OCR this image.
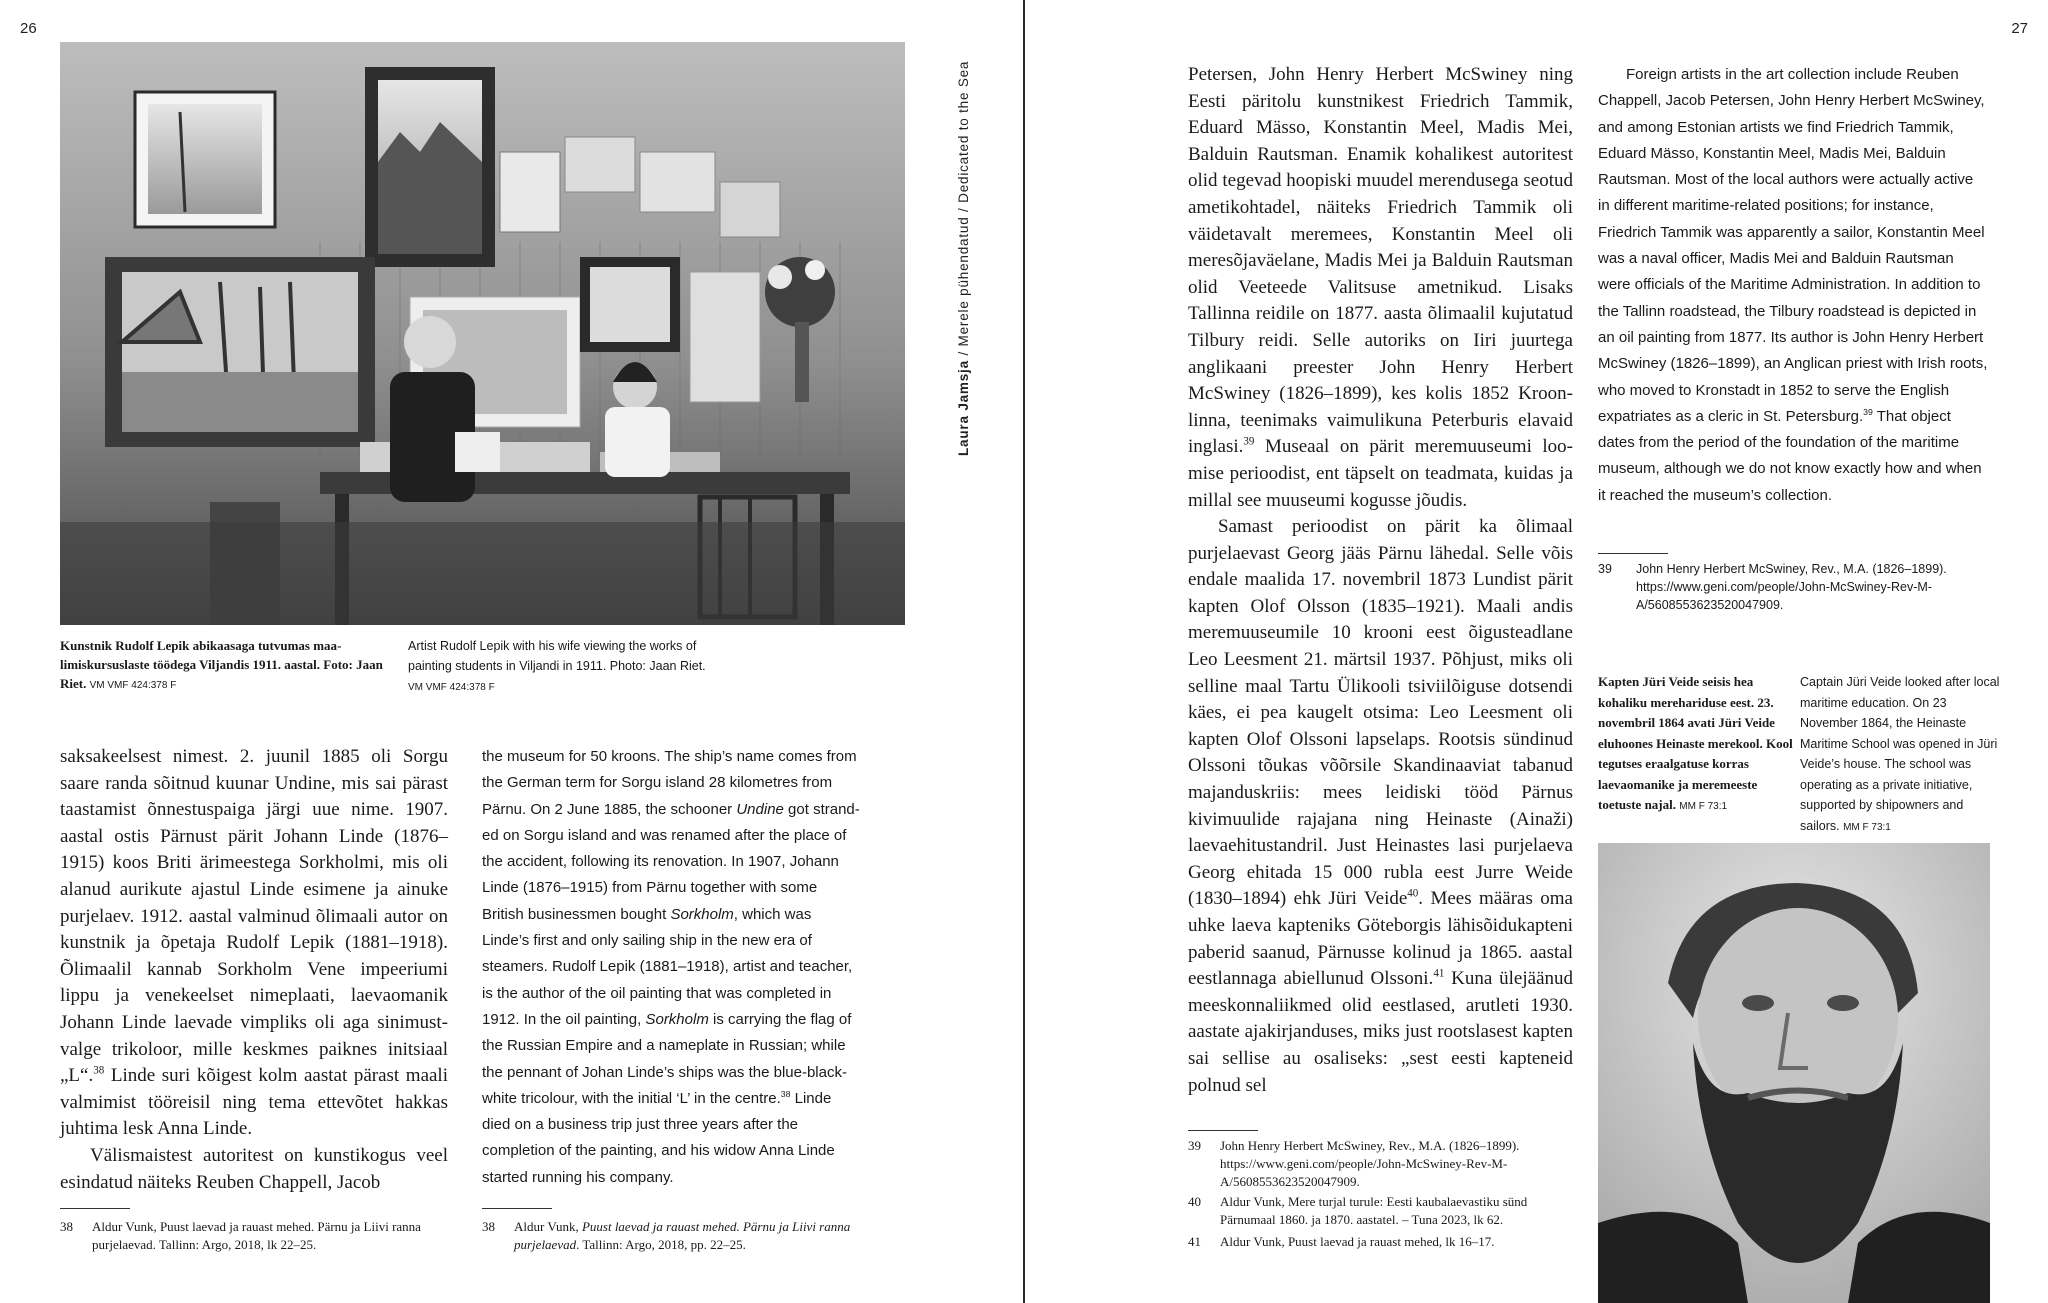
26
Laura Jamsja / Merele pühendatud / Dedicated to the Sea
Kunstnik Rudolf Lepik abikaasaga tutvumas maalimiskursuslaste töödega Viljandis 1911. aastal. Foto: Jaan Riet. VM VMF 424:378 F
Artist Rudolf Lepik with his wife viewing the works of painting students in Viljandi in 1911. Photo: Jaan Riet.
VM VMF 424:378 F

saksakeelsest nimest. 2. juunil 1885 oli Sorgu saare randa sõitnud kuunar Undine, mis sai pärast taastamist õnnestuspaiga järgi uue nime. 1907. aastal ostis Pärnust pärit Johann Linde (1876–1915) koos Briti ärimeestega Sorkholmi, mis oli alanud aurikute ajastul Linde esimene ja ainuke purjelaev. 1912. aastal valminud õlimaali autor on kunstnik ja õpetaja Rudolf Lepik (1881–1918). Õlimaalil kannab Sorkholm Vene impeeriumi lippu ja venekeelset nimeplaati, laevaomanik Johann Linde laevade vimpliks oli aga sinimustvalge trikoloor, mille keskmes paiknes initsiaal „L“.$^{38}$ Linde suri kõigest kolm aastat pärast maali valmimist tööreisil ning tema ettevõtet hakkas juhtima lesk Anna Linde.

Välismaistest autoritest on kunstikogus veel esindatud näiteks Reuben Chappell, Jacob

the museum for 50 kroons. The ship’s name comes from the German term for Sorgu island 28 kilometres from Pärnu. On 2 June 1885, the schooner Undine got stranded on Sorgu island and was renamed after the place of the accident, following its renovation. In 1907, Johann Linde (1876–1915) from Pärnu together with some British businessmen bought Sorkholm, which was Linde’s first and only sailing ship in the new era of steamers. Rudolf Lepik (1881–1918), artist and teacher, is the author of the oil painting that was completed in 1912. In the oil painting, Sorkholm is carrying the flag of the Russian Empire and a nameplate in Russian; while the pennant of Johan Linde’s ships was the blue-black-white tricolour, with the initial ‘L’ in the centre.$^{38}$ Linde died on a business trip just three years after the completion of the painting, and his widow Anna Linde started running his company.

38	Aldur Vunk, Puust laevad ja rauast mehed. Pärnu ja Liivi ranna purjelaevad. Tallinn: Argo, 2018, lk 22–25.
38	Aldur Vunk, Puust laevad ja rauast mehed. Pärnu ja Liivi ranna purjelaevad. Tallinn: Argo, 2018, pp. 22–25.
27

Petersen, John Henry Herbert McSwiney ning Eesti päritolu kunstnikest Friedrich Tammik, Eduard Mässo, Konstantin Meel, Madis Mei, Balduin Rautsman. Enamik kohalikest autoritest olid tegevad hoopiski muudel merendusega seotud ametikohtadel, näiteks Friedrich Tammik oli väidetavalt meremees, Konstantin Meel oli meresõjaväelane, Madis Mei ja Balduin Rautsman olid Veeteede Valitsuse ametnikud. Lisaks Tallinna reidile on 1877. aasta õlimaalil kujutatud Tilbury reidi. Selle autoriks on Iiri juurtega anglikaani preester John Henry Herbert McSwiney (1826–1899), kes kolis 1852 Kroonlinna, teenimaks vaimulikuna Peterburis elavaid inglasi.$^{39}$ Museaal on pärit meremuuseumi loomise perioodist, ent täpselt on teadmata, kuidas ja millal see muuseumi kogusse jõudis.

Samast perioodist on pärit ka õlimaal purjelaevast Georg jääs Pärnu lähedal. Selle võis endale maalida 17. novembril 1873 Lundist pärit kapten Olof Olsson (1835–1921). Maali andis meremuuseumile 10 krooni eest õigusteadlane Leo Leesment 21. märtsil 1937. Põhjust, miks oli selline maal Tartu Ülikooli tsiviilõiguse dotsendi käes, ei pea kaugelt otsima: Leo Leesment oli kapten Olof Olssoni lapselaps. Rootsis sündinud Olssoni tõukas võõrsile Skandinaaviat tabanud majanduskriis: mees leidiski tööd Pärnus kivimuulide rajajana ning Heinaste (Ainaži) laevaehitustandril. Just Heinastes lasi purjelaeva Georg ehitada 15 000 rubla eest Jurre Weide (1830–1894) ehk Jüri Veide$^{40}$. Mees määras oma uhke laeva kapteniks Göteborgis lähisõidukapteni paberid saanud, Pärnusse kolinud ja 1865. aastal eestlannaga abiellunud Olssoni.$^{41}$ Kuna ülejäänud meeskonnaliikmed olid eestlased, arutleti 1930. aastate ajakirjanduses, miks just rootslasest kapten sai sellise au osaliseks: „sest eesti kapteneid polnud sel

Foreign artists in the art collection include Reuben Chappell, Jacob Petersen, John Henry Herbert McSwiney, and among Estonian artists we find Friedrich Tammik, Eduard Mässo, Konstantin Meel, Madis Mei, Balduin Rautsman. Most of the local authors were actually active in different maritime-related positions; for instance, Friedrich Tammik was apparently a sailor, Konstantin Meel was a naval officer, Madis Mei and Balduin Rautsman were officials of the Maritime Administration. In addition to the Tallinn roadstead, the Tilbury roadstead is depicted in an oil painting from 1877. Its author is John Henry Herbert McSwiney (1826–1899), an Anglican priest with Irish roots, who moved to Kronstadt in 1852 to serve the English expatriates as a cleric in St. Petersburg.$^{39}$ That object dates from the period of the foundation of the maritime museum, although we do not know exactly how and when it reached the museum’s collection.

39	John Henry Herbert McSwiney, Rev., M.A. (1826–1899). https://www.geni.com/people/John-McSwiney-Rev-M-A/5608553623520047909.
Kapten Jüri Veide seisis hea kohaliku merehariduse eest. 23. novembril 1864 avati Jüri Veide eluhoones Heinaste merekool. Kool tegutses eraalgatuse korras laevaomanike ja meremeeste toetuste najal. MM F 73:1
Captain Jüri Veide looked after local maritime education. On 23 November 1864, the Heinaste Maritime School was opened in Jüri Veide’s house. The school was operating as a private initiative, supported by shipowners and sailors. MM F 73:1
39	John Henry Herbert McSwiney, Rev., M.A. (1826–1899). https://www.geni.com/people/John-McSwiney-Rev-M-A/5608553623520047909.
40	Aldur Vunk, Mere turjal turule: Eesti kaubalaevastiku sünd Pärnumaal 1860. ja 1870. aastatel. – Tuna 2023, lk 62.
41	Aldur Vunk, Puust laevad ja rauast mehed, lk 16–17.
